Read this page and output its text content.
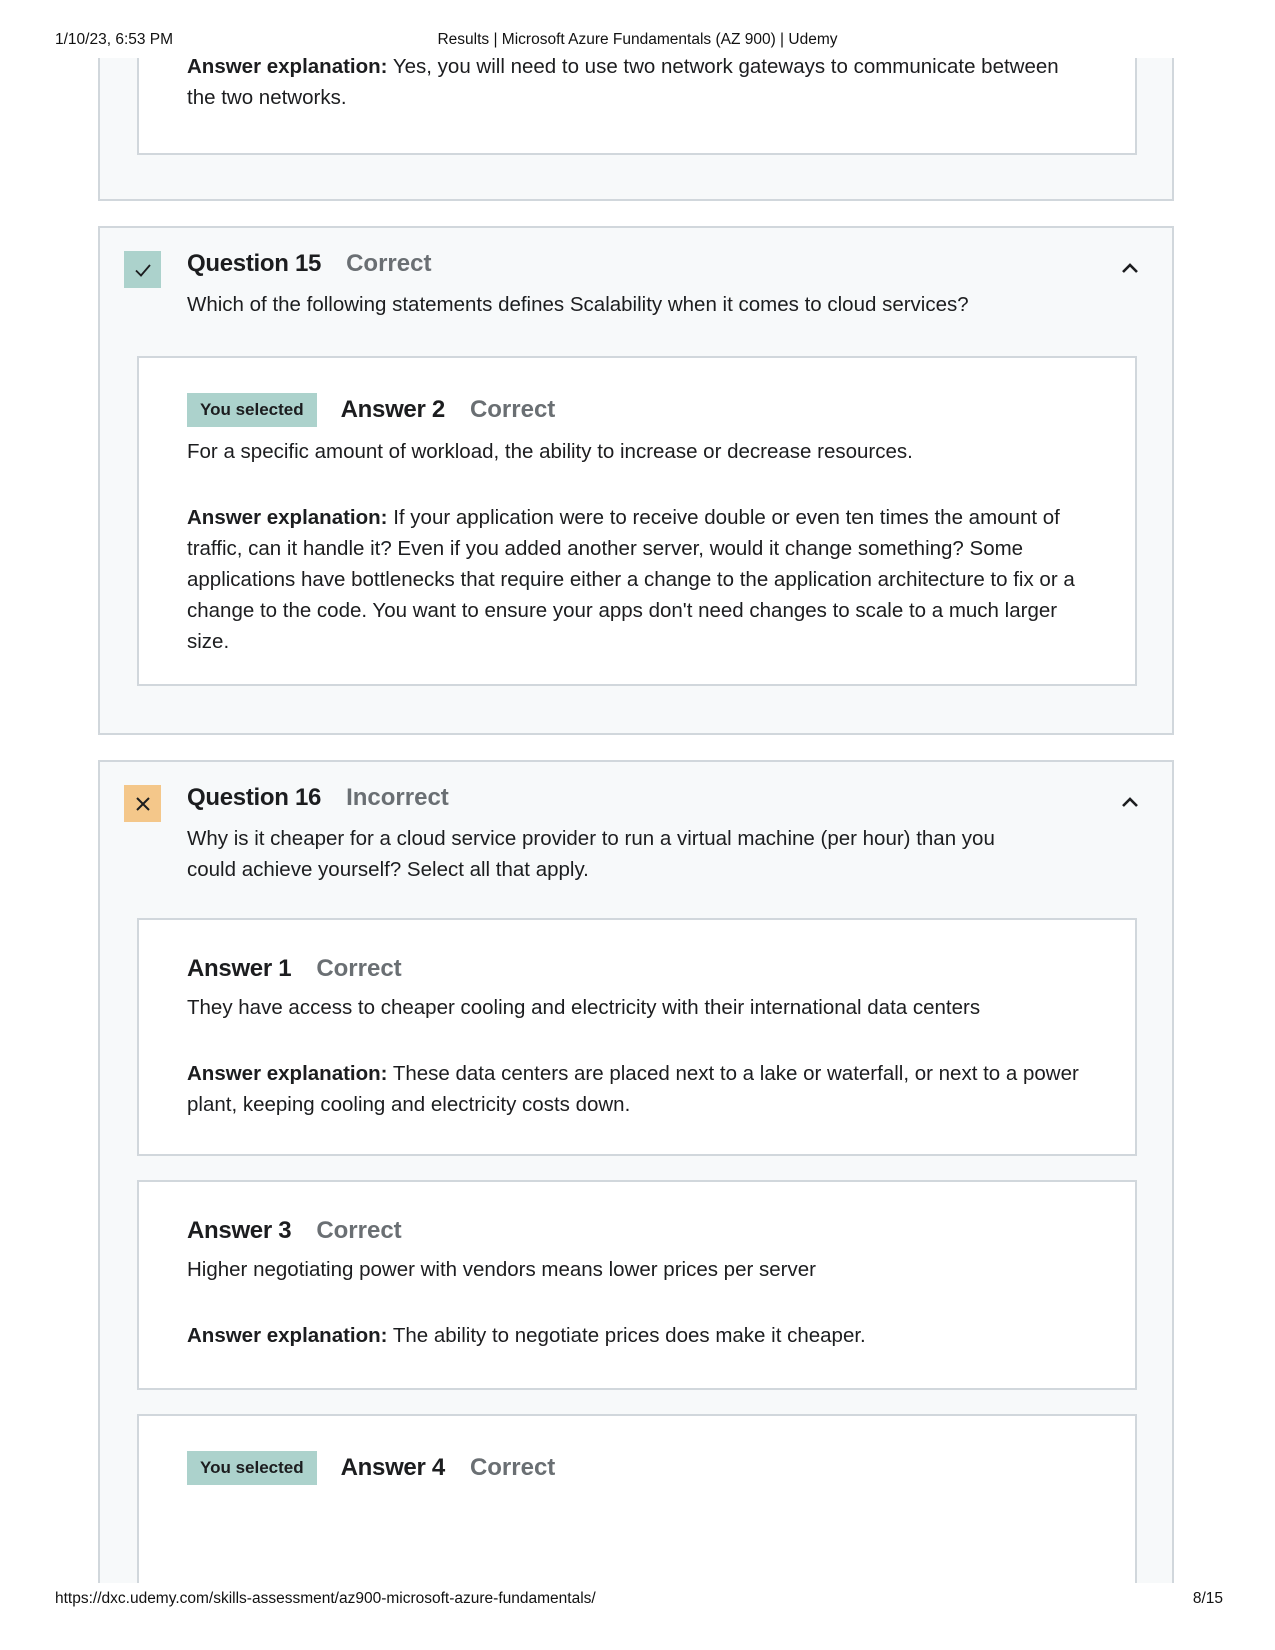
1/10/23, 6:53 PM	Results | Microsoft Azure Fundamentals (AZ 900) | Udemy
Answer explanation: Yes, you will need to use two network gateways to communicate between the two networks.
Question 15 Correct
Which of the following statements defines Scalability when it comes to cloud services?
You selected	Answer 2 Correct
For a specific amount of workload, the ability to increase or decrease resources.
Answer explanation: If your application were to receive double or even ten times the amount of traffic, can it handle it? Even if you added another server, would it change something? Some applications have bottlenecks that require either a change to the application architecture to fix or a change to the code. You want to ensure your apps don't need changes to scale to a much larger size.
Question 16 Incorrect
Why is it cheaper for a cloud service provider to run a virtual machine (per hour) than you could achieve yourself? Select all that apply.
Answer 1 Correct
They have access to cheaper cooling and electricity with their international data centers
Answer explanation: These data centers are placed next to a lake or waterfall, or next to a power plant, keeping cooling and electricity costs down.
Answer 3 Correct
Higher negotiating power with vendors means lower prices per server
Answer explanation: The ability to negotiate prices does make it cheaper.
You selected	Answer 4 Correct
https://dxc.udemy.com/skills-assessment/az900-microsoft-azure-fundamentals/	8/15
